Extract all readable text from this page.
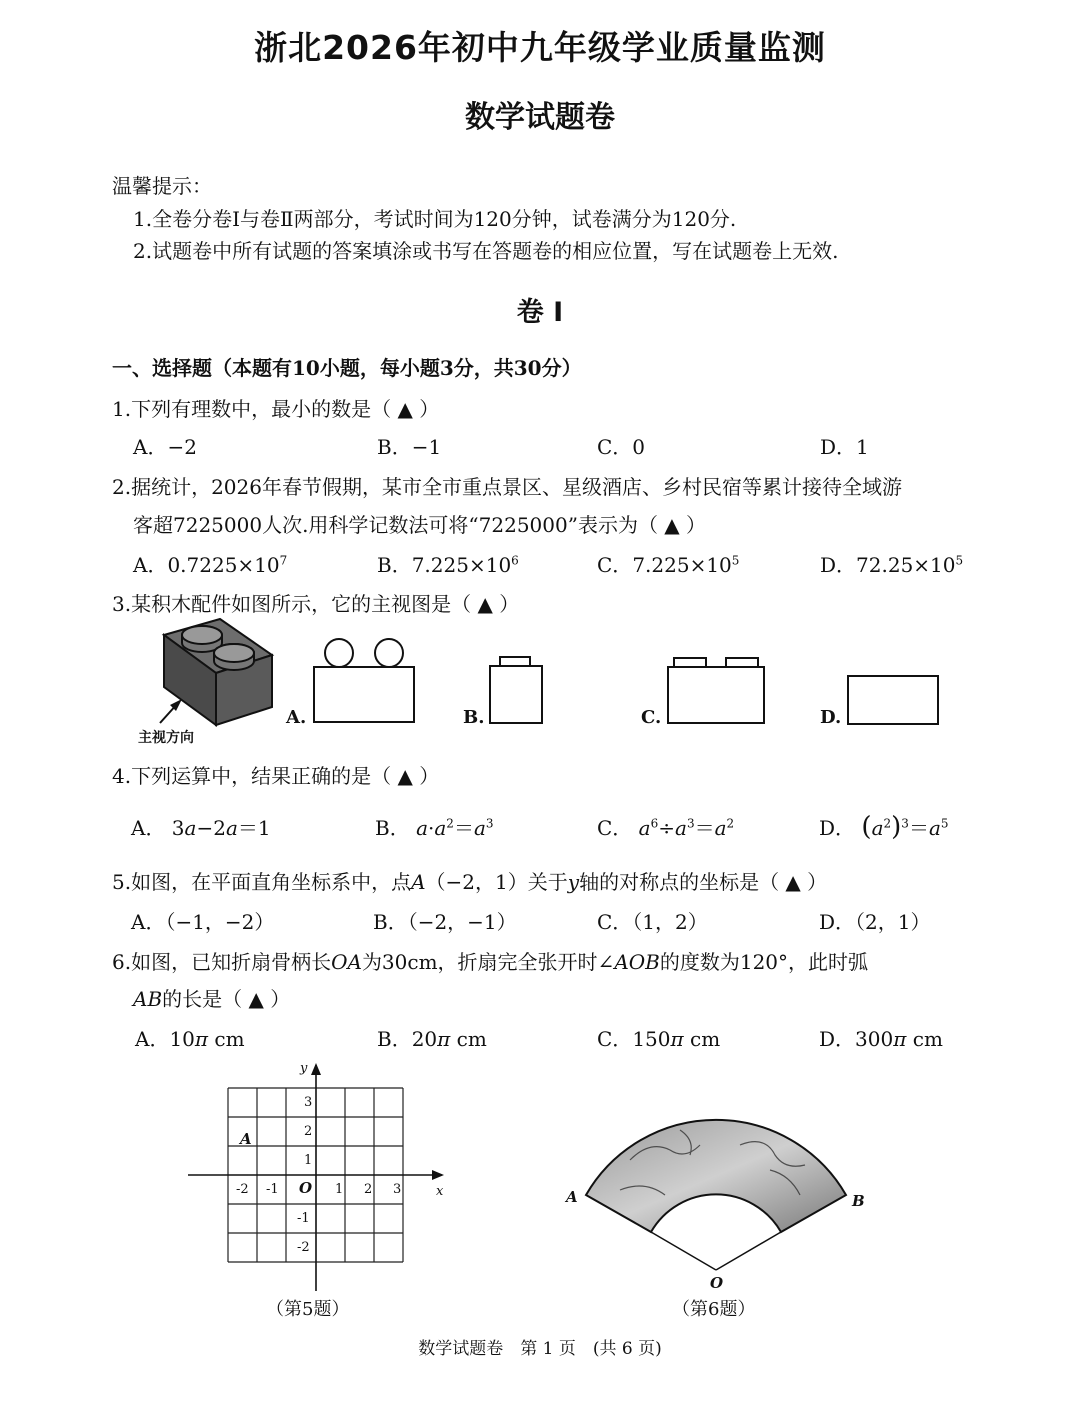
浙北2026年初中九年级学业质量监测
数学试题卷
温馨提示：
1.全卷分卷Ⅰ与卷Ⅱ两部分，考试时间为120分钟，试卷满分为120分.
2.试题卷中所有试题的答案填涂或书写在答题卷的相应位置，写在试题卷上无效.
卷 Ⅰ
一、选择题（本题有10小题，每小题3分，共30分）
1.下列有理数中，最小的数是（ ▲ ）
A．−2	B．−1	C．0	D．1
2.据统计，2026年春节假期，某市全市重点景区、星级酒店、乡村民宿等累计接待全域游
客超7225000人次.用科学记数法可将“7225000”表示为（ ▲ ）
A．$0.7225\times 10^7$	B．$7.225\times 10^6$	C．$7.225\times 10^5$	D．$72.25\times 10^5$
3.某积木配件如图所示，它的主视图是（ ▲ ）
主视方向
A.	B.	C.	D.
4.下列运算中，结果正确的是（ ▲ ）
A． 3a−2a＝1	B． $a\cdot a^2=a^3$	C． $a^6\div a^3=a^2$	D． $(a^2)^3=a^5$
5.如图，在平面直角坐标系中，点A（−2，1）关于y轴的对称点的坐标是（ ▲ ）
A．（−1，−2）	B．（−2，−1）	C．（1，2）	D．（2，1）
6.如图，已知折扇骨柄长OA为30cm，折扇完全张开时∠AOB的度数为120°，此时弧
AB的长是（ ▲ ）
A．10π cm	B．20π cm	C．150π cm	D．300π cm
x
y
O
A
-2 -1	1 2 3
3
2
1
-1
-2
（第5题）
A	B
O
（第6题）
数学试题卷　第 1 页　(共 6 页)
